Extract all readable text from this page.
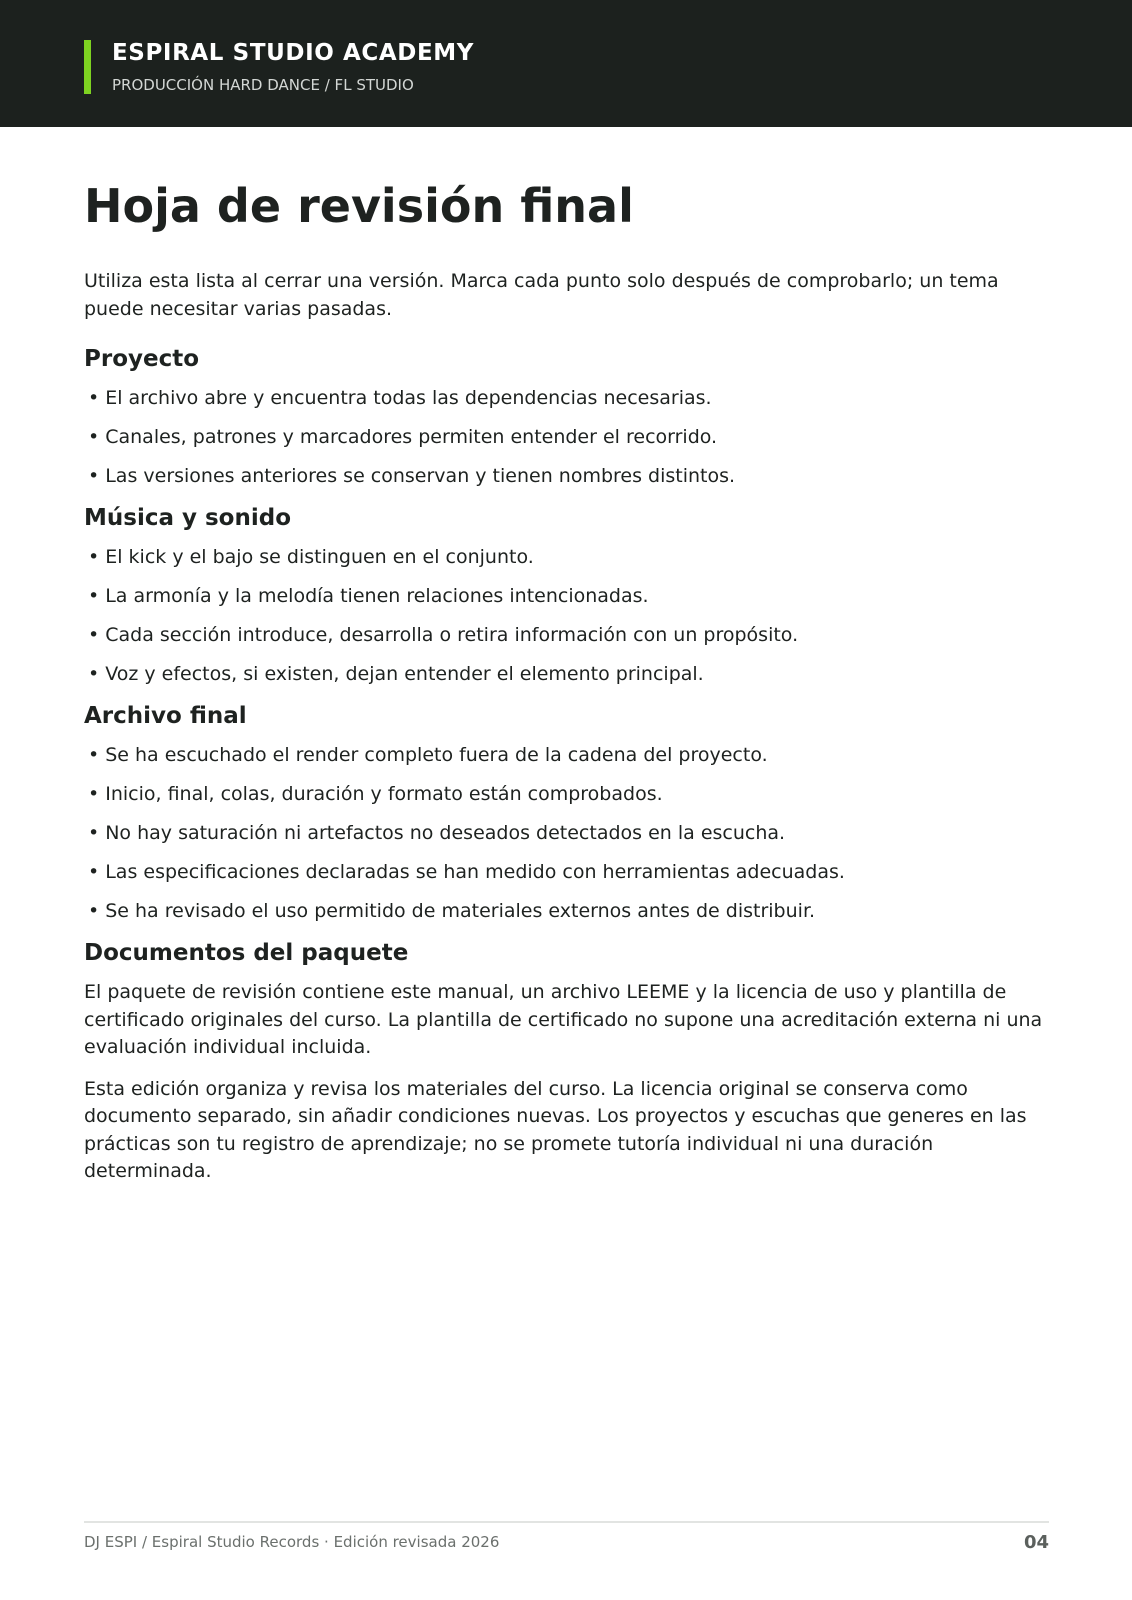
ESPIRAL STUDIO ACADEMY
PRODUCCIÓN HARD DANCE / FL STUDIO
Hoja de revisión final

Utiliza esta lista al cerrar una versión. Marca cada punto solo después de comprobarlo; un tema puede necesitar varias pasadas.

Proyecto
• El archivo abre y encuentra todas las dependencias necesarias.
• Canales, patrones y marcadores permiten entender el recorrido.
• Las versiones anteriores se conservan y tienen nombres distintos.
Música y sonido
• El kick y el bajo se distinguen en el conjunto.
• La armonía y la melodía tienen relaciones intencionadas.
• Cada sección introduce, desarrolla o retira información con un propósito.
• Voz y efectos, si existen, dejan entender el elemento principal.
Archivo final
• Se ha escuchado el render completo fuera de la cadena del proyecto.
• Inicio, final, colas, duración y formato están comprobados.
• No hay saturación ni artefactos no deseados detectados en la escucha.
• Las especificaciones declaradas se han medido con herramientas adecuadas.
• Se ha revisado el uso permitido de materiales externos antes de distribuir.
Documentos del paquete

El paquete de revisión contiene este manual, un archivo LEEME y la licencia de uso y plantilla de certificado originales del curso. La plantilla de certificado no supone una acreditación externa ni una evaluación individual incluida.

Esta edición organiza y revisa los materiales del curso. La licencia original se conserva como documento separado, sin añadir condiciones nuevas. Los proyectos y escuchas que generes en las prácticas son tu registro de aprendizaje; no se promete tutoría individual ni una duración determinada.

DJ ESPI / Espiral Studio Records · Edición revisada 2026	04
